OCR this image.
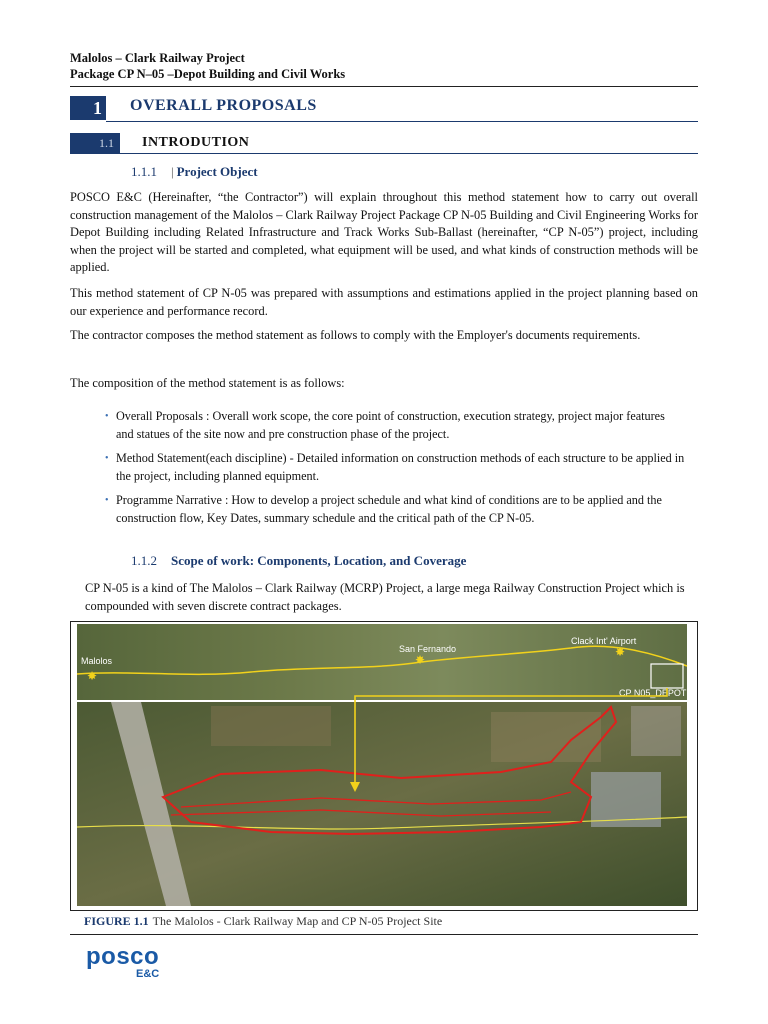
Malolos – Clark Railway Project
Package CP N–05 –Depot Building and Civil Works
1 OVERALL PROPOSALS
1.1	INTRODUTION
1.1.1 | Project Object

POSCO E&C (Hereinafter, “the Contractor”) will explain throughout this method statement how to carry out overall construction management of the Malolos – Clark Railway Project Package CP N-05 Building and Civil Engineering Works for Depot Building including Related Infrastructure and Track Works Sub-Ballast (hereinafter, “CP N-05”) project, including when the project will be started and completed, what equipment will be used, and what kinds of construction methods will be applied.

This method statement of CP N-05 was prepared with assumptions and estimations applied in the project planning based on our experience and performance record.

The contractor composes the method statement as follows to comply with the Employer's documents requirements.

The composition of the method statement is as follows:

• Overall Proposals : Overall work scope, the core point of construction, execution strategy, project major features and statues of the site now and pre construction phase of the project.
• Method Statement(each discipline) - Detailed information on construction methods of each structure to be applied in the project, including planned equipment.
• Programme Narrative : How to develop a project schedule and what kind of conditions are to be applied and the construction flow, Key Dates, summary schedule and the critical path of the CP N-05.
1.1.2 Scope of work: Components, Location, and Coverage

CP N-05 is a kind of The Malolos – Clark Railway (MCRP) Project, a large mega Railway Construction Project which is compounded with seven discrete contract packages.

Malolos
✸
San Fernando
✸
Clack Int' Airport
✸
CP N05_DEPOT
FIGURE 1.1 The Malolos - Clark Railway Map and CP N-05 Project Site
posco
E&C
